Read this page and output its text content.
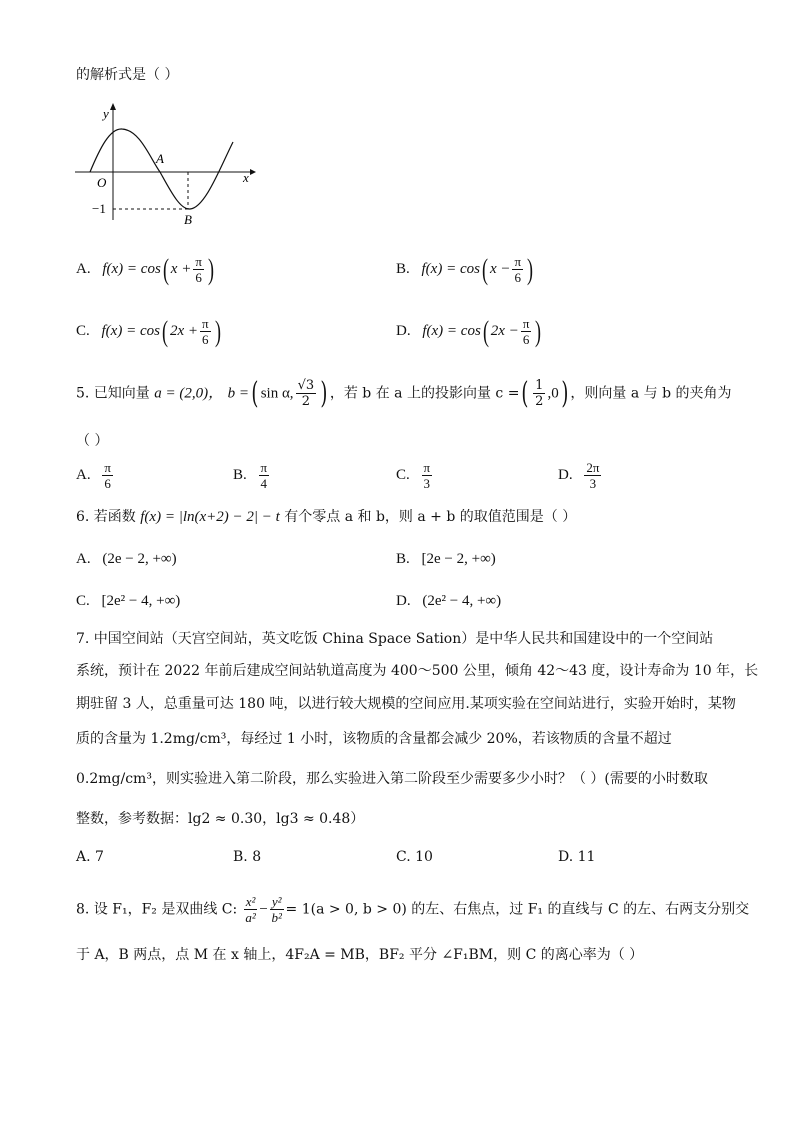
的解析式是（ ）
y
x
O
A
B
−1
A. f(x) = cos( $x + \frac{\pi}{6}$ )	B. f(x) = cos( $x - \frac{\pi}{6}$ )
C. f(x) = cos( $2x + \frac{\pi}{6}$ )	D. f(x) = cos( $2x - \frac{\pi}{6}$ )
5. 已知向量 a = (2,0)， b =( sin α, $\frac{√3}{2}$ ) ，若 b 在 a 上的投影向量 c =( $\frac{1}{2} ,0$) ，则向量 a 与 b 的夹角为
（ ）
A. $\frac{\pi}{6}$	B. $\frac{\pi}{4}$	C. $\frac{\pi}{3}$	D. $\frac{2\pi}{3}$
6. 若函数 f(x) = |ln(x+2) − 2| − t 有个零点 a 和 b，则 a + b 的取值范围是（ ）
A. (2e − 2, +∞)	B. [2e − 2, +∞)
C. [2e² − 4, +∞)	D. (2e² − 4, +∞)
7. 中国空间站（天宫空间站，英文吃饭 China Space Sation）是中华人民共和国建设中的一个空间站
系统，预计在 2022 年前后建成空间站轨道高度为 400～500 公里，倾角 42～43 度，设计寿命为 10 年，长
期驻留 3 人，总重量可达 180 吨，以进行较大规模的空间应用.某项实验在空间站进行，实验开始时，某物
质的含量为 1.2mg/cm³，每经过 1 小时，该物质的含量都会减少 20%，若该物质的含量不超过
0.2mg/cm³，则实验进入第二阶段，那么实验进入第二阶段至少需要多少小时？（ ）(需要的小时数取
整数，参考数据：lg2 ≈ 0.30，lg3 ≈ 0.48）
A. 7	B. 8	C. 10	D. 11
8. 设 F₁，F₂ 是双曲线 C: $\frac{\text{x²}}{\text{a²}} - \frac{\text{y²}}{\text{b²}} = 1(a > 0$, b > 0) 的左、右焦点，过 F₁ 的直线与 C 的左、右两支分别交
于 A，B 两点，点 M 在 x 轴上，4F₂A = MB，BF₂ 平分 ∠F₁BM，则 C 的离心率为（ ）
